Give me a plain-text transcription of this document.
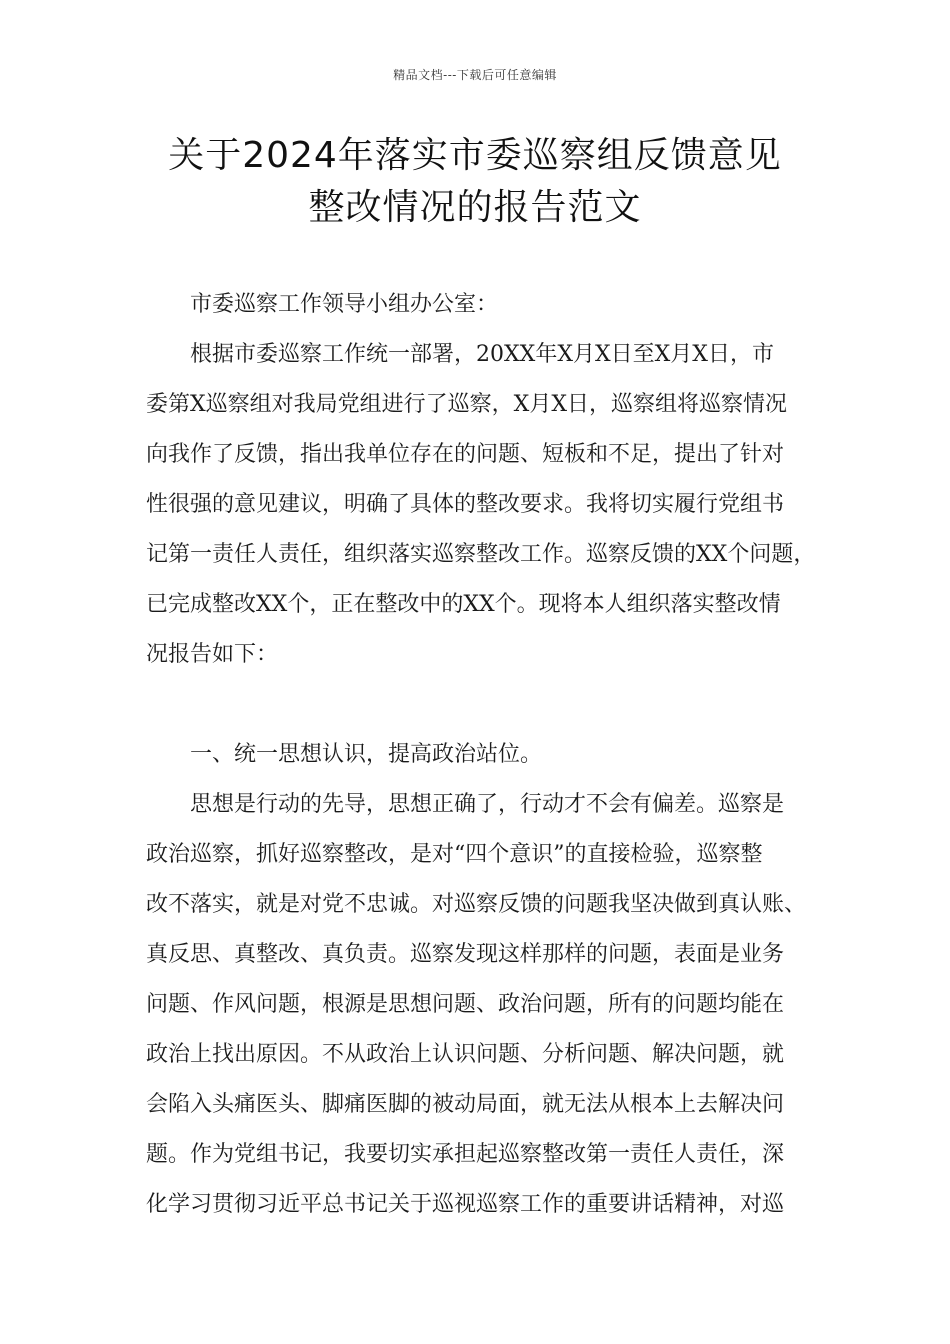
精品文档---下载后可任意编辑
关于2024年落实市委巡察组反馈意见
整改情况的报告范文
市委巡察工作领导小组办公室：
根据市委巡察工作统一部署，20XX年X月X日至X月X日，市
委第X巡察组对我局党组进行了巡察，X月X日，巡察组将巡察情况
向我作了反馈，指出我单位存在的问题、短板和不足，提出了针对
性很强的意见建议，明确了具体的整改要求。我将切实履行党组书
记第一责任人责任，组织落实巡察整改工作。巡察反馈的XX个问题，
已完成整改XX个，正在整改中的XX个。现将本人组织落实整改情
况报告如下：
一、统一思想认识，提高政治站位。
思想是行动的先导，思想正确了，行动才不会有偏差。巡察是
政治巡察，抓好巡察整改，是对“四个意识”的直接检验，巡察整
改不落实，就是对党不忠诚。对巡察反馈的问题我坚决做到真认账、
真反思、真整改、真负责。巡察发现这样那样的问题，表面是业务
问题、作风问题，根源是思想问题、政治问题，所有的问题均能在
政治上找出原因。不从政治上认识问题、分析问题、解决问题，就
会陷入头痛医头、脚痛医脚的被动局面，就无法从根本上去解决问
题。作为党组书记，我要切实承担起巡察整改第一责任人责任，深
化学习贯彻习近平总书记关于巡视巡察工作的重要讲话精神，对巡
